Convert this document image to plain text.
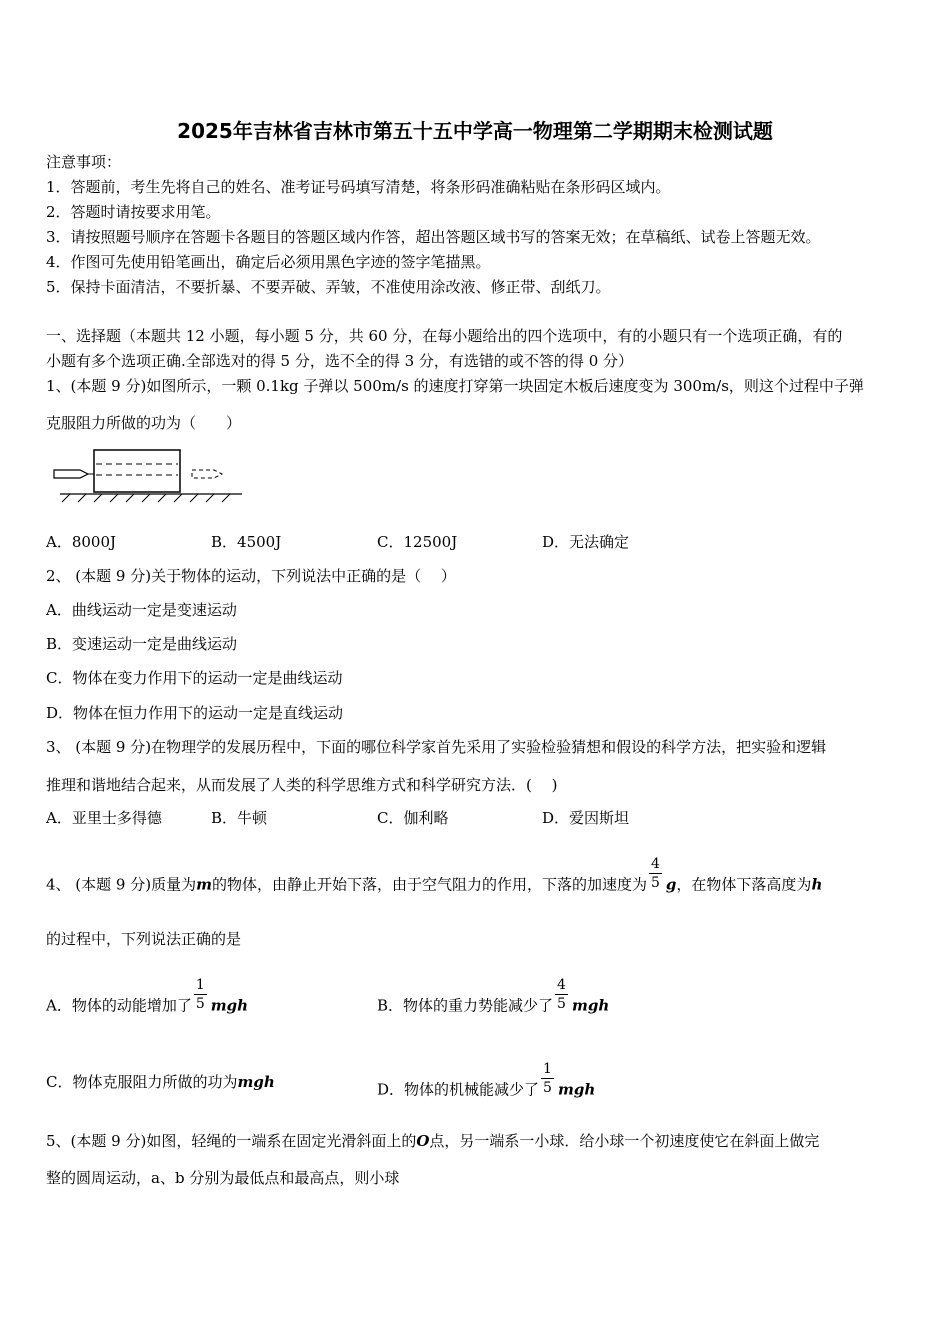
2025年吉林省吉林市第五十五中学高一物理第二学期期末检测试题
注意事项：
1．答题前，考生先将自己的姓名、准考证号码填写清楚，将条形码准确粘贴在条形码区域内。
2．答题时请按要求用笔。
3．请按照题号顺序在答题卡各题目的答题区域内作答，超出答题区域书写的答案无效；在草稿纸、试卷上答题无效。
4．作图可先使用铅笔画出，确定后必须用黑色字迹的签字笔描黑。
5．保持卡面清洁，不要折暴、不要弄破、弄皱，不准使用涂改液、修正带、刮纸刀。
一、选择题（本题共 12 小题，每小题 5 分，共 60 分，在每小题给出的四个选项中，有的小题只有一个选项正确，有的
小题有多个选项正确.全部选对的得 5 分，选不全的得 3 分，有选错的或不答的得 0 分）
1、(本题 9 分)如图所示，一颗 0.1kg 子弹以 500m/s 的速度打穿第一块固定木板后速度变为 300m/s，则这个过程中子弹
克服阻力所做的功为（　　）
A．8000J	B．4500J	C．12500J	D．无法确定
2、 (本题 9 分)关于物体的运动，下列说法中正确的是（　 ）
A．曲线运动一定是变速运动
B．变速运动一定是曲线运动
C．物体在变力作用下的运动一定是曲线运动
D．物体在恒力作用下的运动一定是直线运动
3、 (本题 9 分)在物理学的发展历程中，下面的哪位科学家首先采用了实验检验猜想和假设的科学方法，把实验和逻辑
推理和谐地结合起来，从而发展了人类的科学思维方式和科学研究方法．(　 )
A．亚里士多得德	B．牛顿	C．伽利略	D．爱因斯坦
4、 (本题 9 分)质量为m的物体，由静止开始下落，由于空气阻力的作用，下落的加速度为 $\frac{4}{5}$ g，在物体下落高度为h
的过程中，下列说法正确的是
A．物体的动能增加了 $\frac{1}{5}$ mgh	B．物体的重力势能减少了 $\frac{4}{5}$ mgh
C．物体克服阻力所做的功为mgh	D．物体的机械能减少了 $\frac{1}{5}$ mgh
5、(本题 9 分)如图，轻绳的一端系在固定光滑斜面上的O点，另一端系一小球．给小球一个初速度使它在斜面上做完
整的圆周运动，a、b 分别为最低点和最高点，则小球
